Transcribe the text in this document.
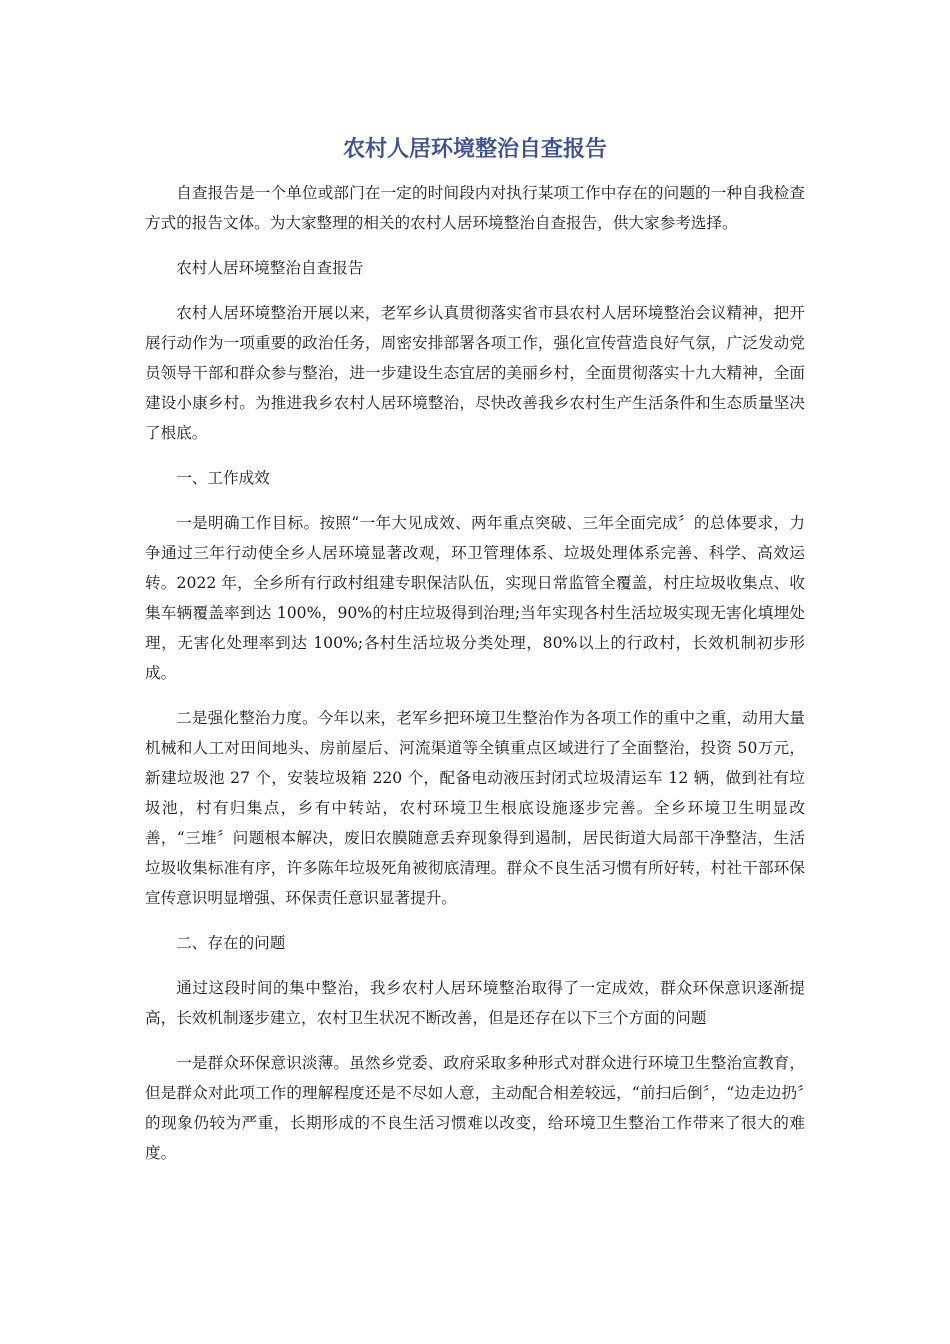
农村人居环境整治自查报告

自查报告是一个单位或部门在一定的时间段内对执行某项工作中存在的问题的一种自我检查方式的报告文体。为大家整理的相关的农村人居环境整治自查报告，供大家参考选择。

农村人居环境整治自查报告

农村人居环境整治开展以来，老军乡认真贯彻落实省市县农村人居环境整治会议精神，把开展行动作为一项重要的政治任务，周密安排部署各项工作，强化宣传营造良好气氛，广泛发动党员领导干部和群众参与整治，进一步建设生态宜居的美丽乡村，全面贯彻落实十九大精神，全面建设小康乡村。为推进我乡农村人居环境整治，尽快改善我乡农村生产生活条件和生态质量坚决了根底。

一、工作成效

一是明确工作目标。按照“一年大见成效、两年重点突破、三年全面完成〞的总体要求，力争通过三年行动使全乡人居环境显著改观，环卫管理体系、垃圾处理体系完善、科学、高效运转。2022 年，全乡所有行政村组建专职保洁队伍，实现日常监管全覆盖，村庄垃圾收集点、收集车辆覆盖率到达 100%，90%的村庄垃圾得到治理;当年实现各村生活垃圾实现无害化填埋处理，无害化处理率到达 100%;各村生活垃圾分类处理，80%以上的行政村，长效机制初步形成。

二是强化整治力度。今年以来，老军乡把环境卫生整治作为各项工作的重中之重，动用大量机械和人工对田间地头、房前屋后、河流渠道等全镇重点区域进行了全面整治，投资 50万元，新建垃圾池 27 个，安装垃圾箱 220 个，配备电动液压封闭式垃圾清运车 12 辆，做到社有垃圾池，村有归集点，乡有中转站，农村环境卫生根底设施逐步完善。全乡环境卫生明显改善，“三堆〞问题根本解决，废旧农膜随意丢弃现象得到遏制，居民街道大局部干净整洁，生活垃圾收集标准有序，许多陈年垃圾死角被彻底清理。群众不良生活习惯有所好转，村社干部环保宣传意识明显增强、环保责任意识显著提升。

二、存在的问题

通过这段时间的集中整治，我乡农村人居环境整治取得了一定成效，群众环保意识逐渐提高，长效机制逐步建立，农村卫生状况不断改善，但是还存在以下三个方面的问题

一是群众环保意识淡薄。虽然乡党委、政府采取多种形式对群众进行环境卫生整治宣教育，但是群众对此项工作的理解程度还是不尽如人意，主动配合相差较远，“前扫后倒〞，“边走边扔〞的现象仍较为严重，长期形成的不良生活习惯难以改变，给环境卫生整治工作带来了很大的难度。
